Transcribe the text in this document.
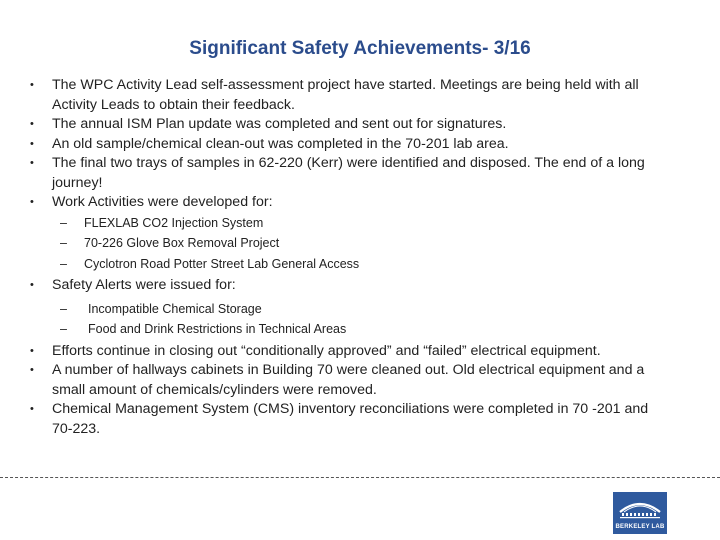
Significant Safety Achievements- 3/16
• The WPC Activity Lead self-assessment project have started. Meetings are being held with all Activity Leads to obtain their feedback.
• The annual ISM Plan update was completed and sent out for signatures.
• An old sample/chemical clean-out was completed in the 70-201 lab area.
• The final two trays of samples in 62-220 (Kerr) were identified and disposed. The end of a long journey!
• Work Activities were developed for:
– FLEXLAB CO2 Injection System
– 70-226 Glove Box Removal Project
– Cyclotron Road Potter Street Lab General Access
• Safety Alerts were issued for:
– Incompatible Chemical Storage
– Food and Drink Restrictions in Technical Areas
• Efforts continue in closing out “conditionally approved” and “failed” electrical equipment.
• A number of hallways cabinets in Building 70 were cleaned out. Old electrical equipment and a small amount of chemicals/cylinders were removed.
• Chemical Management System (CMS) inventory reconciliations were completed in 70 -201 and 70-223.
BERKELEY LAB
